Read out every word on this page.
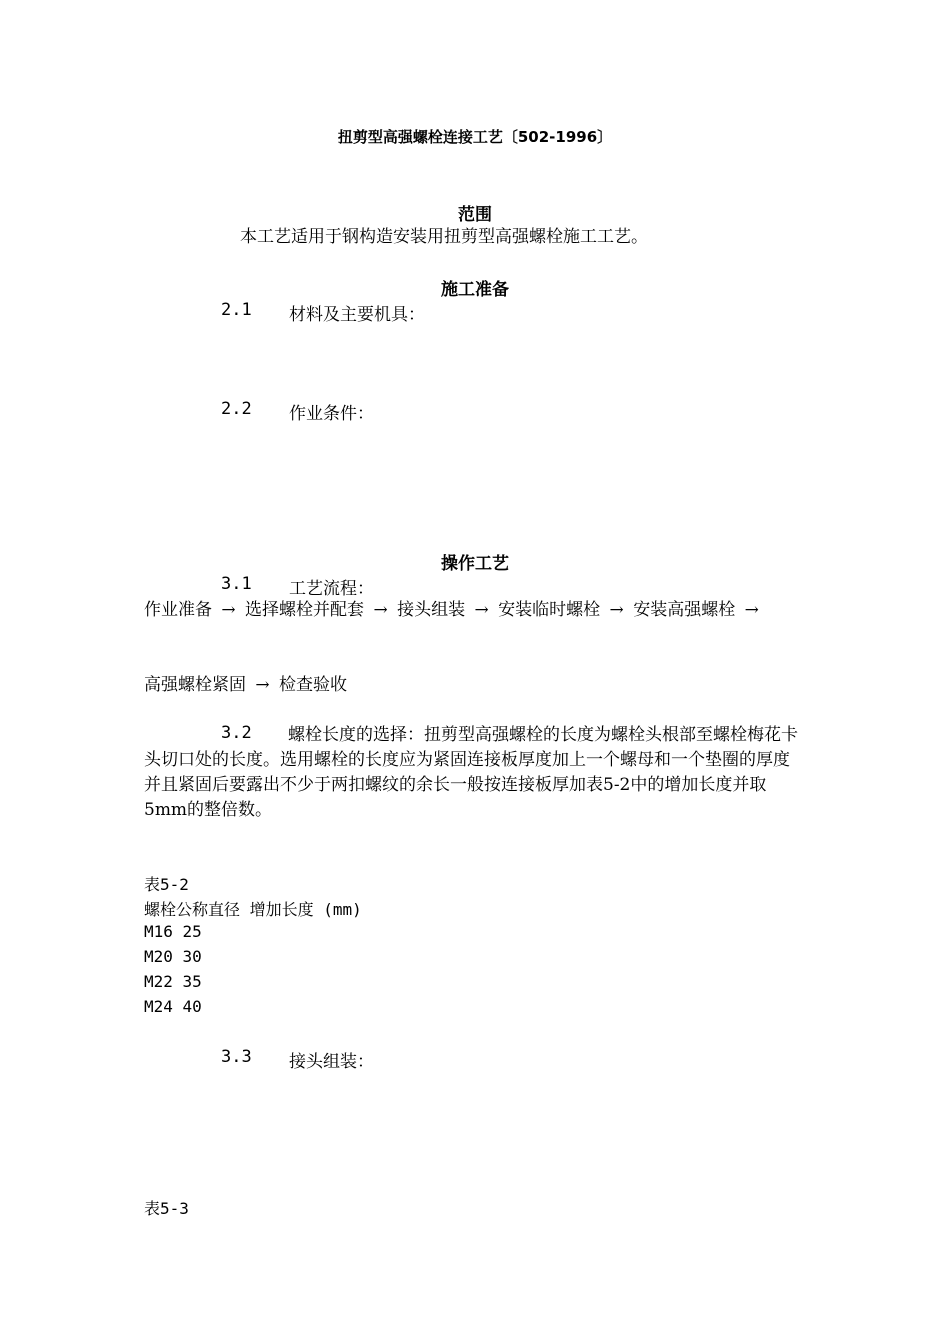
扭剪型高强螺栓连接工艺〔502-1996〕
范围
本工艺适用于钢构造安装用扭剪型高强螺栓施工工艺。
施工准备
2.1 材料及主要机具：
2.2 作业条件：
操作工艺
3.1 工艺流程：
作业准备 → 选择螺栓并配套 → 接头组装 → 安装临时螺栓 → 安装高强螺栓 →
高强螺栓紧固 → 检查验收
3.2	螺栓长度的选择：扭剪型高强螺栓的长度为螺栓头根部至螺栓梅花卡头切口处的长度。选用螺栓的长度应为紧固连接板厚度加上一个螺母和一个垫圈的厚度并且紧固后要露出不少于两扣螺纹的余长一般按连接板厚加表5-2中的增加长度并取5mm的整倍数。
表5-2
螺栓公称直径 增加长度 (mm)
M16 25
M20 30
M22 35
M24 40
3.3 接头组装：
表5-3
